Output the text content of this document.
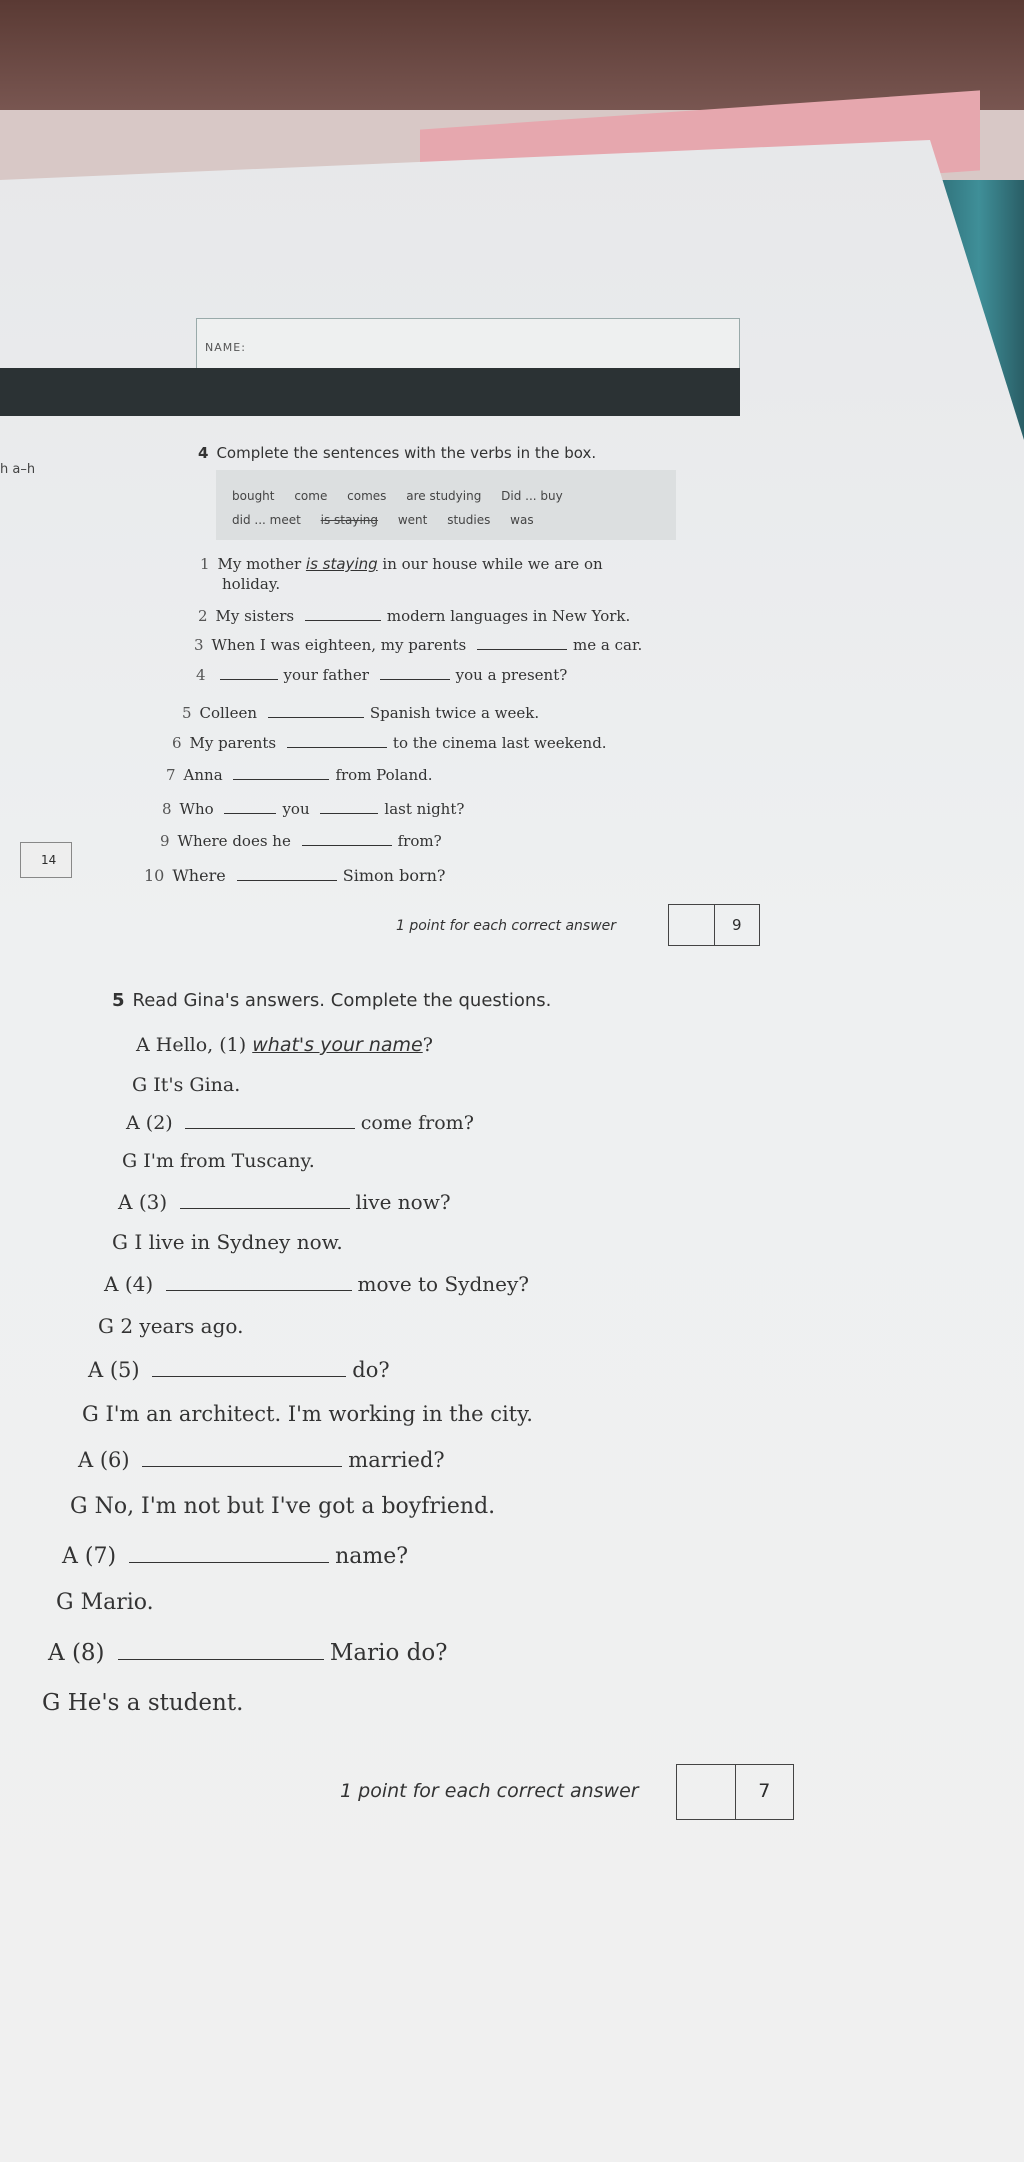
NAME:
h a–h
14
4 Complete the sentences with the verbs in the box.
bought come comes are studying Did ... buy
did ... meet is staying went studies was
1 My mother is staying in our house while we are on
holiday.
2 My sisters	modern languages in New York.
3 When I was eighteen, my parents	me a car.
4	your father	you a present?
5 Colleen	Spanish twice a week.
6 My parents	to the cinema last weekend.
7 Anna	from Poland.
8 Who	you	last night?
9 Where does he	from?
10 Where	Simon born?
1 point for each correct answer	9
5 Read Gina's answers. Complete the questions.
A Hello, (1) what's your name?
G It's Gina.
A (2)	come from?
G I'm from Tuscany.
A (3)	live now?
G I live in Sydney now.
A (4)	move to Sydney?
G 2 years ago.
A (5)	do?
G I'm an architect. I'm working in the city.
A (6)	married?
G No, I'm not but I've got a boyfriend.
A (7)	name?
G Mario.
A (8)	Mario do?
G He's a student.
1 point for each correct answer	7
